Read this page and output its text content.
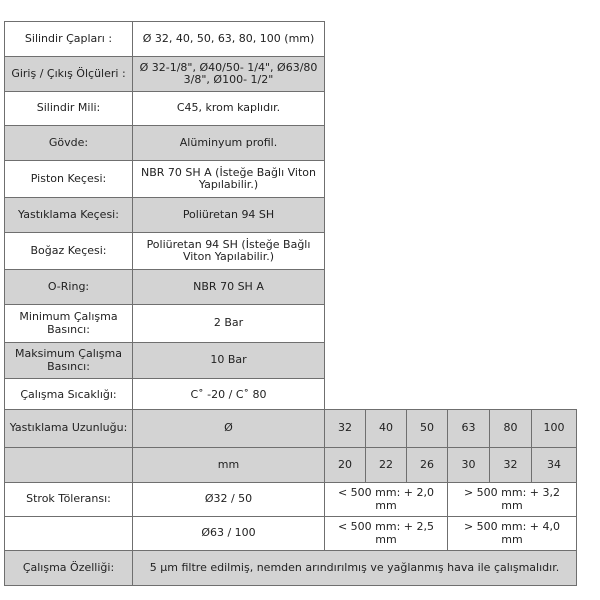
Silindir Çapları :	Ø 32, 40, 50, 63, 80, 100 (mm)
Giriş / Çıkış Ölçüleri :	Ø 32-1/8", Ø40/50- 1/4", Ø63/80 3/8", Ø100- 1/2"
Silindir Mili:	C45, krom kaplıdır.
Gövde:	Alüminyum profil.
Piston Keçesi:	NBR 70 SH A (İsteğe Bağlı Viton Yapılabilir.)
Yastıklama Keçesi:	Poliüretan 94 SH
Boğaz Keçesi:	Poliüretan 94 SH (İsteğe Bağlı Viton Yapılabilir.)
O-Ring:	NBR 70 SH A
Minimum Çalışma Basıncı:	2 Bar
Maksimum Çalışma Basıncı:	10 Bar
Çalışma Sıcaklığı:	C˚ -20 / C˚ 80
Yastıklama Uzunluğu:	Ø	32	40	50	63	80	100
	mm	20	22	26	30	32	34
Strok Töleransı:	Ø32 / 50	< 500 mm: + 2,0 mm			> 500 mm: + 3,2 mm		
	Ø63 / 100	< 500 mm: + 2,5 mm			> 500 mm: + 4,0 mm		
Çalışma Özelliği:	5 µm filtre edilmiş, nemden arındırılmış ve yağlanmış hava ile çalışmalıdır.						
